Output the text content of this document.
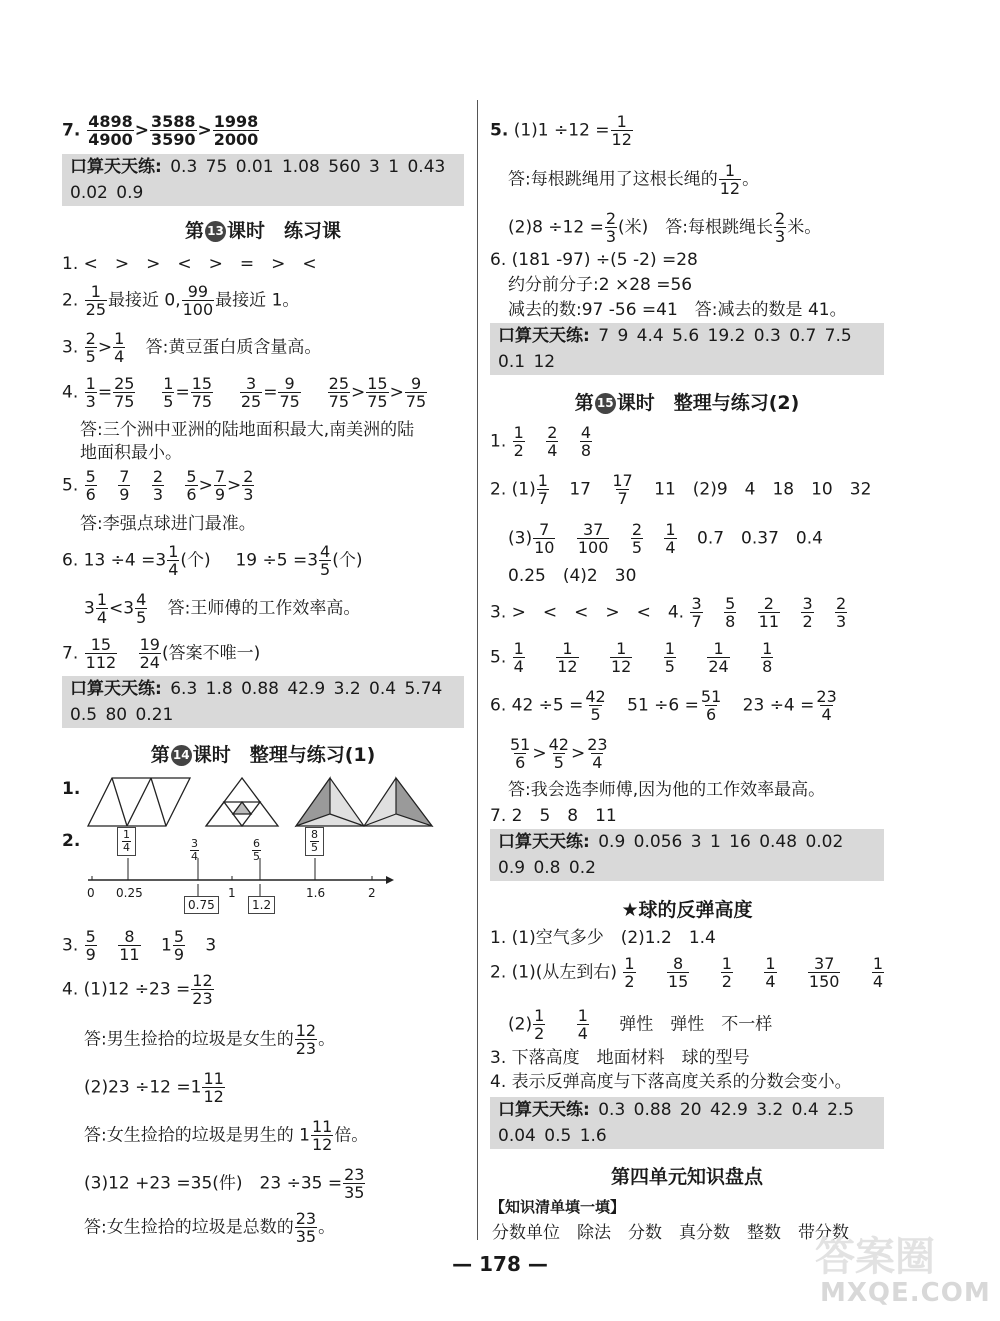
7. $\frac{4898}{4900} > \frac{3588}{3590} > \frac{1998}{2000}$
口算天天练: 0.3 75 0.01 1.08 560 3 1 0.43 0.02 0.9
第 13 课时　练习课
1. <　>　>　<　>　=　>　<
2. $\frac{1}{25}$ 最接近 0, $\frac{99}{100}$ 最接近 1。
3. $\frac{2}{5} > \frac{1}{4}$ 答:黄豆蛋白质含量高。
4. $\frac{1}{3} = \frac{25}{75}$
$\frac{1}{5} = \frac{15}{75}$
$\frac{3}{25} = \frac{9}{75}$
$\frac{25}{75} > \frac{15}{75} > \frac{9}{75}$
答:三个洲中亚洲的陆地面积最大,南美洲的陆
地面积最小。
5. $\frac{5}{6}$
$\frac{7}{9}$
$\frac{2}{3}$
$\frac{5}{6} > \frac{7}{9} > \frac{2}{3}$
答:李强点球进门最准。
6. $13 \div 4 =3 \frac{1}{4}$ (个) $19 \div 5 =3 \frac{4}{5}$ (个)
$3 \frac{1}{4} <3 \frac{4}{5}$ 答:王师傅的工作效率高。
7. $\frac{15}{112}$
$\frac{19}{24}$ (答案不唯一)
口算天天练: 6.3 1.8 0.88 42.9 3.2 0.4 5.74 0.5 80 0.21
第 14 课时　整理与练习(1)
1.
2.
0 0.25	1	1.6	2
$\frac{1}{4}$	$\frac{3}{4}$	$\frac{6}{5}$	$\frac{8}{5}$
0.75	1.2
3. $\frac{5}{9}$
$\frac{8}{11} 1 \frac{5}{9} 3$
4. $(1)12 \div 23 = \frac{12}{23}$
答:男生捡拾的垃圾是女生的 $\frac{12}{23}$ 。
$(2)23 \div 12 =1 \frac{11}{12}$
答:女生捡拾的垃圾是男生的 $1 \frac{11}{12}$ 倍。
(3)12 +23 =35(件)　$23 \div 35 = \frac{23}{35}$
答:女生捡拾的垃圾是总数的 $\frac{23}{35}$ 。
5. $(1)1 \div 12 = \frac{1}{12}$
答:每根跳绳用了这根长绳的 $\frac{1}{12}$ 。
$(2)8 \div 12 = \frac{2}{3}$ (米)　答:每根跳绳长 $\frac{2}{3}$ 米。
6. (181 -97) ÷(5 -2) =28
约分前分子:2 ×28 =56
减去的数:97 -56 =41　答:减去的数是 41。
口算天天练: 7 9 4.4 5.6 19.2 0.3 0.7 7.5 0.1 12
第 15 课时　整理与练习(2)
1. $\frac{1}{2}$
$\frac{2}{4}$
$\frac{4}{8}$
2. $(1) \frac{1}{7} 17 \frac{17}{7} 11$　(2)9　4　18　10　32
$(3) \frac{7}{10}$
$\frac{37}{100}$
$\frac{2}{5}$
$\frac{1}{4} 0.7$　0.37　0.4
0.25　(4)2　30
3. >　<　<　>　<　4. $\frac{3}{7}$
$\frac{5}{8}$
$\frac{2}{11}$
$\frac{3}{2}$
$\frac{2}{3}$
5. $\frac{1}{4}$
$\frac{1}{12}$
$\frac{1}{12}$
$\frac{1}{5}$
$\frac{1}{24}$
$\frac{1}{8}$
6. $42 \div 5 = \frac{42}{5} 51 \div 6 = \frac{51}{6} 23 \div 4 = \frac{23}{4}$
$\frac{51}{6} > \frac{42}{5} > \frac{23}{4}$
答:我会选李师傅,因为他的工作效率最高。
7. 2　5　8　11
口算天天练: 0.9 0.056 3 1 16 0.48 0.02 0.9 0.8 0.2
★球的反弹高度
1. (1)空气多少　(2)1.2　1.4
2. (1)(从左到右) $\frac{1}{2}$
$\frac{8}{15}$
$\frac{1}{2}$
$\frac{1}{4}$
$\frac{37}{150}$
$\frac{1}{4}$
$(2) \frac{1}{2}$
$\frac{1}{4}$ 弹性　弹性　不一样
3. 下落高度　地面材料　球的型号
4. 表示反弹高度与下落高度关系的分数会变小。
口算天天练: 0.3 0.88 20 42.9 3.2 0.4 2.5 0.04 0.5 1.6
第四单元知识盘点
【知识清单填一填】
分数单位　除法　分数　真分数　整数　带分数
答案圈
— 178 —
MXQE.COM
